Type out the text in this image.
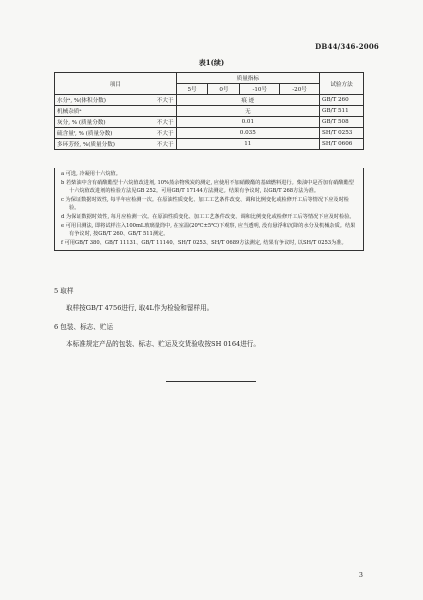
DB44/346-2006
表1(续)
项目	质量指标				试验方法
	5号	0号	-10号	-20号	

水分ᵃ, %(体积分数) 不大于	痕 迹				GB/T 260

机械杂质ᵃ	无				GB/T 511

灰分, % (质量分数) 不大于	0.01				GB/T 508

硫含量ᶠ, % (质量分数) 不大于	0.035				SH/T 0253

多环芳烃, %(质量分数) 不大于	11				SH/T 0606
a 可选, 冷凝用十六烷值。
b 若柴油中含有硝酸酯型十六烷值改进剂, 10%蒸余物残炭的测定, 应使用不加硝酸酯的基础燃料进行。柴油中是否加有硝酸酯型十六烷值改进剂的检验方法见GB 252。可用GB/T 17144方法测定。结果有争议时, 以GB/T 268方法为准。
c 为保证数据时效性, 每半年应检测一次。在原油性质变化、加工工艺条件改变、调和比例变化或检修开工后等情况下应及时检验。
d 为保证数据时效性, 每月应检测一次。在原油性质变化、加工工艺条件改变、调和比例变化或检修开工后等情况下应及时检验。
e 可用目测法, 即将试样注入100mL玻璃量筒中, 在室温(20℃±5℃)下观察, 应当透明, 没有悬浮和沉降的水分及机械杂质。结果有争议时, 按GB/T 260、GB/T 511测定。
f 可用GB/T 380、GB/T 11131、GB/T 11140、SH/T 0253、SH/T 0689方法测定, 结果有争议时, 以SH/T 0253为准。
5 取样
取样按GB/T 4756进行, 取4L作为检验和留样用。
6 包装、标志、贮运
本标准规定产品的包装、标志、贮运及交货验收按SH 0164进行。
3
